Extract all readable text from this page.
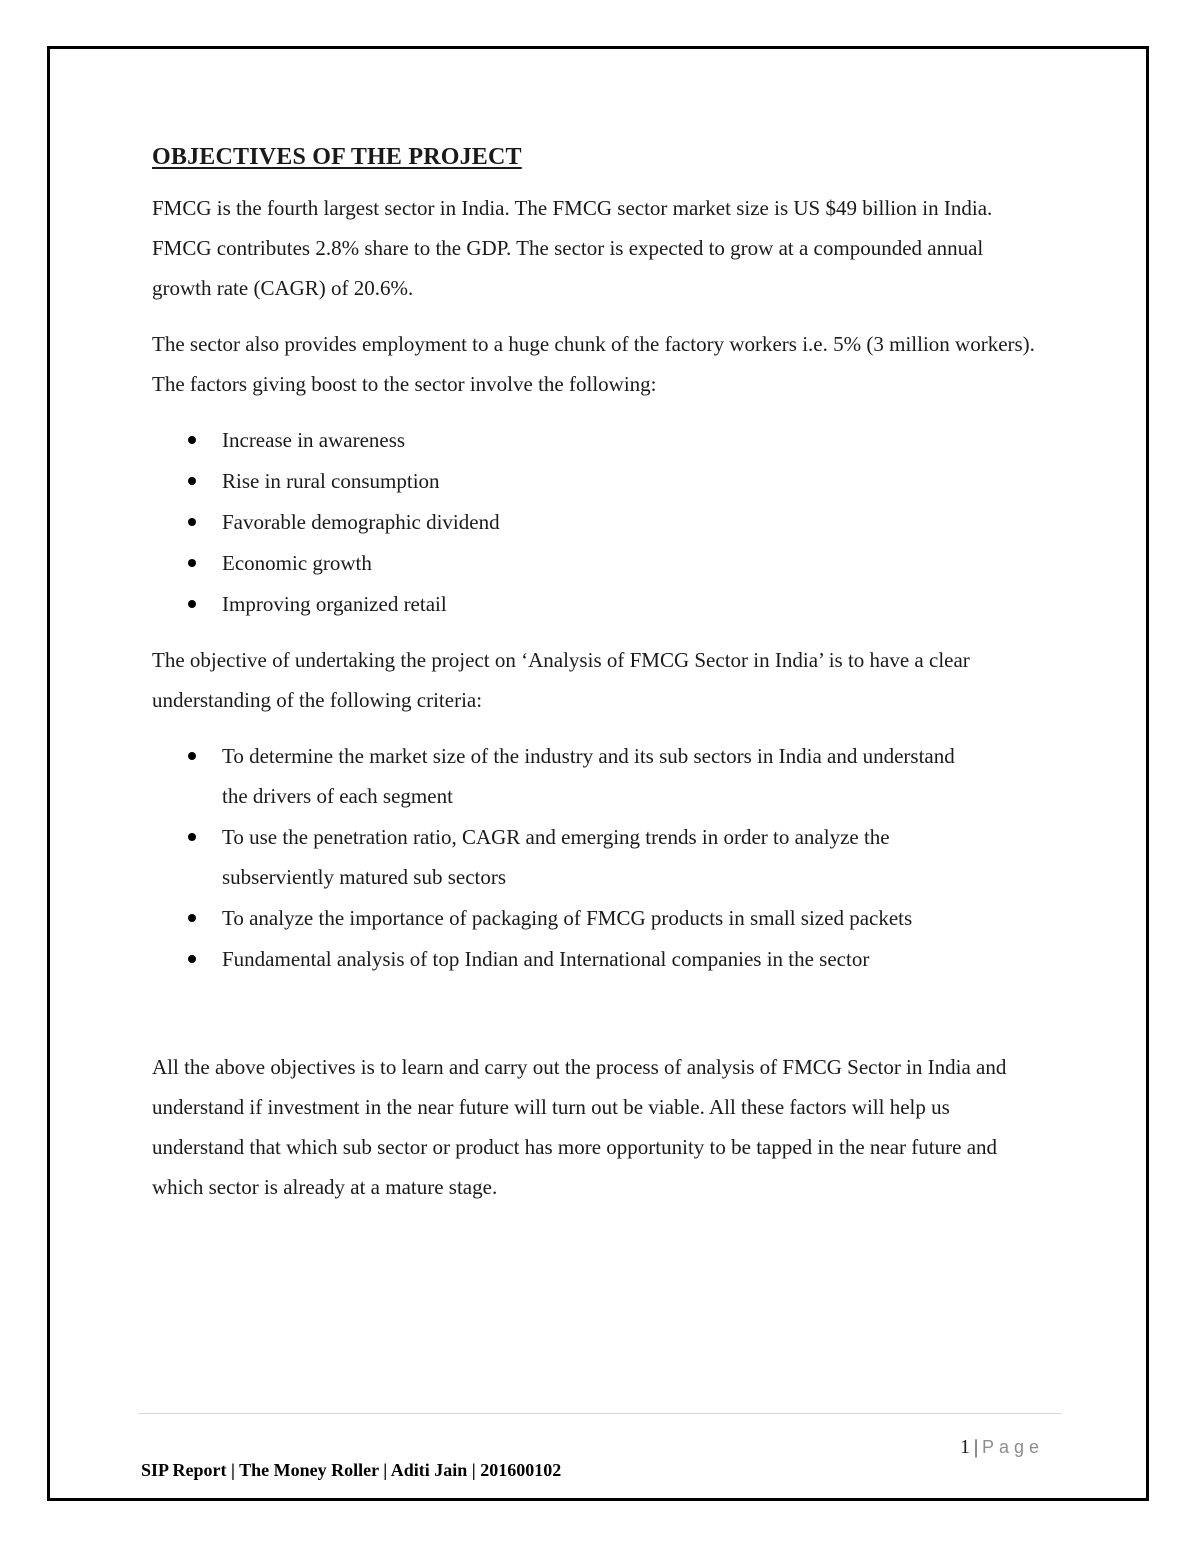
OBJECTIVES OF THE PROJECT

FMCG is the fourth largest sector in India. The FMCG sector market size is US $49 billion in India. FMCG contributes 2.8% share to the GDP. The sector is expected to grow at a compounded annual growth rate (CAGR) of 20.6%.

The sector also provides employment to a huge chunk of the factory workers i.e. 5% (3 million workers). The factors giving boost to the sector involve the following:

Increase in awareness
Rise in rural consumption
Favorable demographic dividend
Economic growth
Improving organized retail

The objective of undertaking the project on ‘Analysis of FMCG Sector in India’ is to have a clear understanding of the following criteria:

To determine the market size of the industry and its sub sectors in India and understand the drivers of each segment
To use the penetration ratio, CAGR and emerging trends in order to analyze the subserviently matured sub sectors
To analyze the importance of packaging of FMCG products in small sized packets
Fundamental analysis of top Indian and International companies in the sector

All the above objectives is to learn and carry out the process of analysis of FMCG Sector in India and understand if investment in the near future will turn out be viable. All these factors will help us understand that which sub sector or product has more opportunity to be tapped in the near future and which sector is already at a mature stage.

1 | Page
SIP Report | The Money Roller | Aditi Jain | 201600102
